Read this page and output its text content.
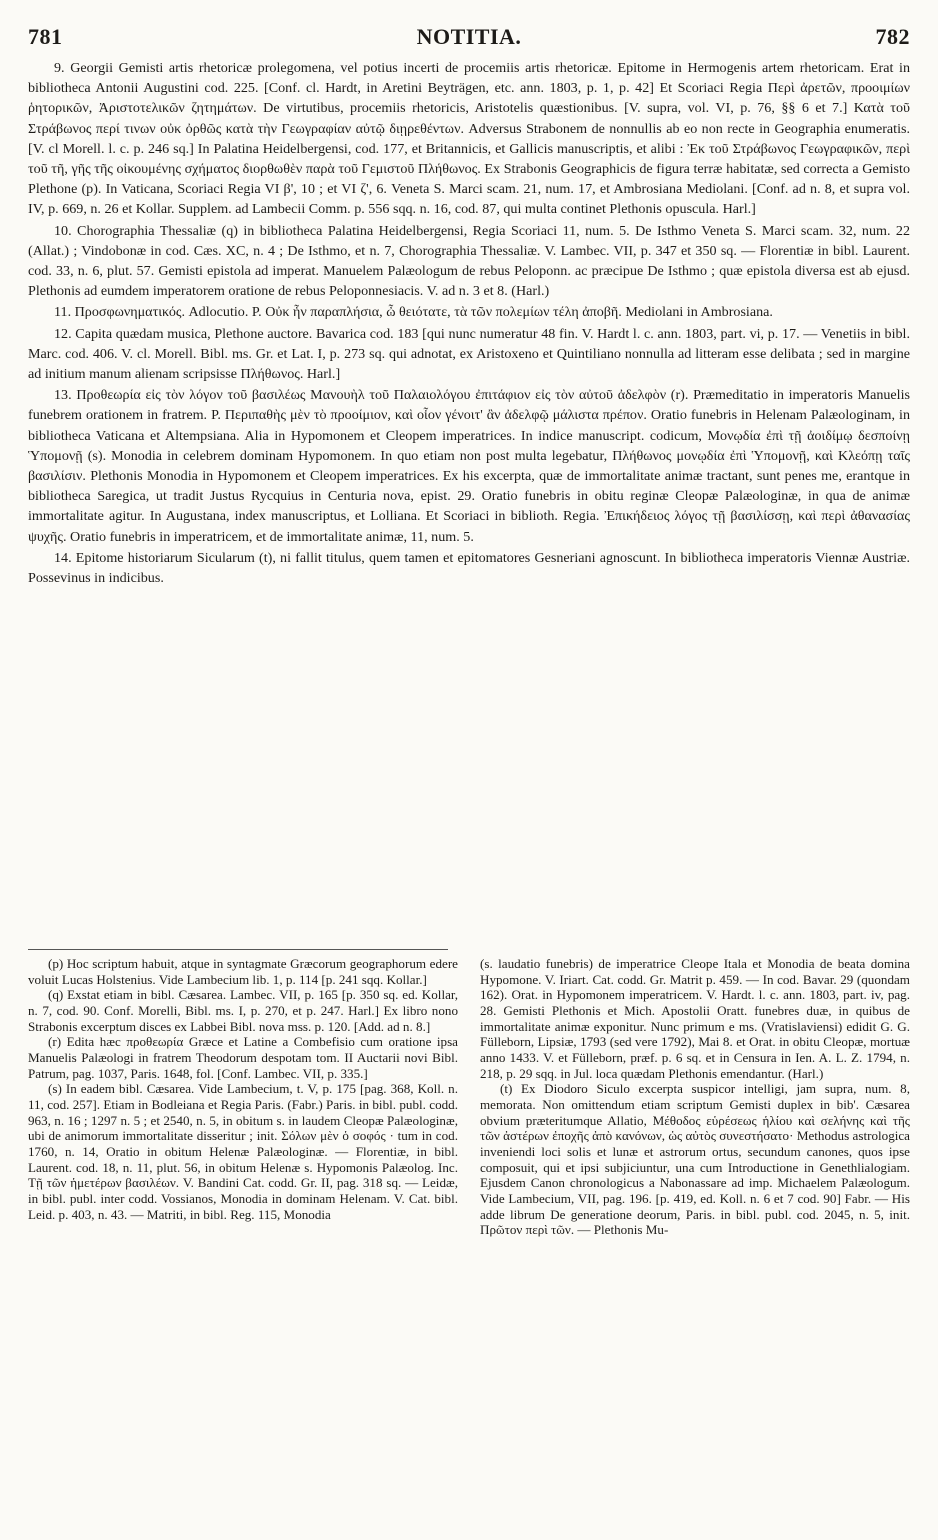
781	NOTITIA.	782

9. Georgii Gemisti artis rhetoricæ prolegomena, vel potius incerti de procemiis artis rhetoricæ. Epitome in Hermogenis artem rhetoricam. Erat in bibliotheca Antonii Augustini cod. 225. [Conf. cl. Hardt, in Aretini Beyträgen, etc. ann. 1803, p. 1, p. 42] Et Scoriaci Regia Περὶ ἀρετῶν, προοιμίων ῥητορικῶν, Ἀριστοτελικῶν ζητημάτων. De virtutibus, procemiis rhetoricis, Aristotelis quæstionibus. [V. supra, vol. VI, p. 76, §§ 6 et 7.] Κατὰ τοῦ Στράβωνος περί τινων οὐκ ὀρθῶς κατὰ τὴν Γεωγραφίαν αὐτῷ διῃρεθέντων. Adversus Strabonem de nonnullis ab eo non recte in Geographia enumeratis. [V. cl Morell. l. c. p. 246 sq.] In Palatina Heidelbergensi, cod. 177, et Britannicis, et Gallicis manuscriptis, et alibi : Ἐκ τοῦ Στράβωνος Γεωγραφικῶν, περὶ τοῦ τῆ, γῆς τῆς οἰκουμένης σχήματος διορθωθὲν παρὰ τοῦ Γεμιστοῦ Πλήθωνος. Ex Strabonis Geographicis de figura terræ habitatæ, sed correcta a Gemisto Plethone (p). In Vaticana, Scoriaci Regia VI β', 10 ; et VI ζ', 6. Veneta S. Marci scam. 21, num. 17, et Ambrosiana Mediolani. [Conf. ad n. 8, et supra vol. IV, p. 669, n. 26 et Kollar. Supplem. ad Lambecii Comm. p. 556 sqq. n. 16, cod. 87, qui multa continet Plethonis opuscula. Harl.]

10. Chorographia Thessaliæ (q) in bibliotheca Palatina Heidelbergensi, Regia Scoriaci 11, num. 5. De Isthmo Veneta S. Marci scam. 32, num. 22 (Allat.) ; Vindobonæ in cod. Cæs. XC, n. 4 ; De Isthmo, et n. 7, Chorographia Thessaliæ. V. Lambec. VII, p. 347 et 350 sq. — Florentiæ in bibl. Laurent. cod. 33, n. 6, plut. 57. Gemisti epistola ad imperat. Manuelem Palæologum de rebus Peloponn. ac præcipue De Isthmo ; quæ epistola diversa est ab ejusd. Plethonis ad eumdem imperatorem oratione de rebus Peloponnesiacis. V. ad n. 3 et 8. (Harl.)

11. Προσφωνηματικός. Adlocutio. P. Οὐκ ἦν παραπλήσια, ὦ θειότατε, τὰ τῶν πολεμίων τέλη ἀποβῆ. Mediolani in Ambrosiana.

12. Capita quædam musica, Plethone auctore. Bavarica cod. 183 [qui nunc numeratur 48 fin. V. Hardt l. c. ann. 1803, part. vi, p. 17. — Venetiis in bibl. Marc. cod. 406. V. cl. Morell. Bibl. ms. Gr. et Lat. I, p. 273 sq. qui adnotat, ex Aristoxeno et Quintiliano nonnulla ad litteram esse delibata ; sed in margine ad initium manum alienam scripsisse Πλήθωνος. Harl.]

13. Προθεωρία εἰς τὸν λόγον τοῦ βασιλέως Μανουὴλ τοῦ Παλαιολόγου ἐπιτάφιον εἰς τὸν αὐτοῦ ἀδελφὸν (r). Præmeditatio in imperatoris Manuelis funebrem orationem in fratrem. P. Περιπαθὴς μὲν τὸ προοίμιον, καὶ οἷον γένοιτ' ἂν ἀδελφῷ μάλιστα πρέπον. Oratio funebris in Helenam Palæologinam, in bibliotheca Vaticana et Altempsiana. Alia in Hypomonem et Cleopem imperatrices. In indice manuscript. codicum, Μονῳδία ἐπὶ τῇ ἀοιδίμῳ δεσποίνῃ Ὑπομονῇ (s). Monodia in celebrem dominam Hypomonem. In quo etiam non post multa legebatur, Πλήθωνος μονῳδία ἐπὶ Ὑπομονῇ, καὶ Κλεόπῃ ταῖς βασιλίσιν. Plethonis Monodia in Hypomonem et Cleopem imperatrices. Ex his excerpta, quæ de immortalitate animæ tractant, sunt penes me, erantque in bibliotheca Saregica, ut tradit Justus Rycquius in Centuria nova, epist. 29. Oratio funebris in obitu reginæ Cleopæ Palæologinæ, in qua de animæ immortalitate agitur. In Augustana, index manuscriptus, et Lolliana. Et Scoriaci in biblioth. Regia. Ἐπικήδειος λόγος τῇ βασιλίσσῃ, καὶ περὶ ἀθανασίας ψυχῆς. Oratio funebris in imperatricem, et de immortalitate animæ, 11, num. 5.

14. Epitome historiarum Sicularum (t), ni fallit titulus, quem tamen et epitomatores Gesneriani agnoscunt. In bibliotheca imperatoris Viennæ Austriæ. Possevinus in indicibus.

(p) Hoc scriptum habuit, atque in syntagmate Græcorum geographorum edere voluit Lucas Holstenius. Vide Lambecium lib. 1, p. 114 [p. 241 sqq. Kollar.]

(q) Exstat etiam in bibl. Cæsarea. Lambec. VII, p. 165 [p. 350 sq. ed. Kollar, n. 7, cod. 90. Conf. Morelli, Bibl. ms. I, p. 270, et p. 247. Harl.] Ex libro nono Strabonis excerptum disces ex Labbei Bibl. nova mss. p. 120. [Add. ad n. 8.]

(r) Edita hæc προθεωρία Græce et Latine a Combefisio cum oratione ipsa Manuelis Palæologi in fratrem Theodorum despotam tom. II Auctarii novi Bibl. Patrum, pag. 1037, Paris. 1648, fol. [Conf. Lambec. VII, p. 335.]

(s) In eadem bibl. Cæsarea. Vide Lambecium, t. V, p. 175 [pag. 368, Koll. n. 11, cod. 257]. Etiam in Bodleiana et Regia Paris. (Fabr.) Paris. in bibl. publ. codd. 963, n. 16 ; 1297 n. 5 ; et 2540, n. 5, in obitum s. in laudem Cleopæ Palæologinæ, ubi de animorum immortalitate disseritur ; init. Σόλων μὲν ὁ σοφός · tum in cod. 1760, n. 14, Oratio in obitum Helenæ Palæologinæ. — Florentiæ, in bibl. Laurent. cod. 18, n. 11, plut. 56, in obitum Helenæ s. Hypomonis Palæolog. Inc. Τῇ τῶν ἡμετέρων βασιλέων. V. Bandini Cat. codd. Gr. II, pag. 318 sq. — Leidæ, in bibl. publ. inter codd. Vossianos, Monodia in dominam Helenam. V. Cat. bibl. Leid. p. 403, n. 43. — Matriti, in bibl. Reg. 115, Monodia

(s. laudatio funebris) de imperatrice Cleope Itala et Monodia de beata domina Hypomone. V. Iriart. Cat. codd. Gr. Matrit p. 459. — In cod. Bavar. 29 (quondam 162). Orat. in Hypomonem imperatricem. V. Hardt. l. c. ann. 1803, part. iv, pag. 28. Gemisti Plethonis et Mich. Apostolii Oratt. funebres duæ, in quibus de immortalitate animæ exponitur. Nunc primum e ms. (Vratislaviensi) edidit G. G. Fülleborn, Lipsiæ, 1793 (sed vere 1792), Mai 8. et Orat. in obitu Cleopæ, mortuæ anno 1433. V. et Fülleborn, præf. p. 6 sq. et in Censura in Ien. A. L. Z. 1794, n. 218, p. 29 sqq. in Jul. loca quædam Plethonis emendantur. (Harl.)

(t) Ex Diodoro Siculo excerpta suspicor intelligi, jam supra, num. 8, memorata. Non omittendum etiam scriptum Gemisti duplex in bib'. Cæsarea obvium præteritumque Allatio, Μέθοδος εὑρέσεως ἡλίου καὶ σελήνης καὶ τῆς τῶν ἀστέρων ἐποχῆς ἀπὸ κανόνων, ὡς αὐτὸς συνεστήσατο· Methodus astrologica inveniendi loci solis et lunæ et astrorum ortus, secundum canones, quos ipse composuit, qui et ipsi subjiciuntur, una cum Introductione in Genethlialogiam. Ejusdem Canon chronologicus a Nabonassare ad imp. Michaelem Palæologum. Vide Lambecium, VII, pag. 196. [p. 419, ed. Koll. n. 6 et 7 cod. 90] Fabr. — His adde librum De generatione deorum, Paris. in bibl. publ. cod. 2045, n. 5, init. Πρῶτον περὶ τῶν. — Plethonis Mu-
